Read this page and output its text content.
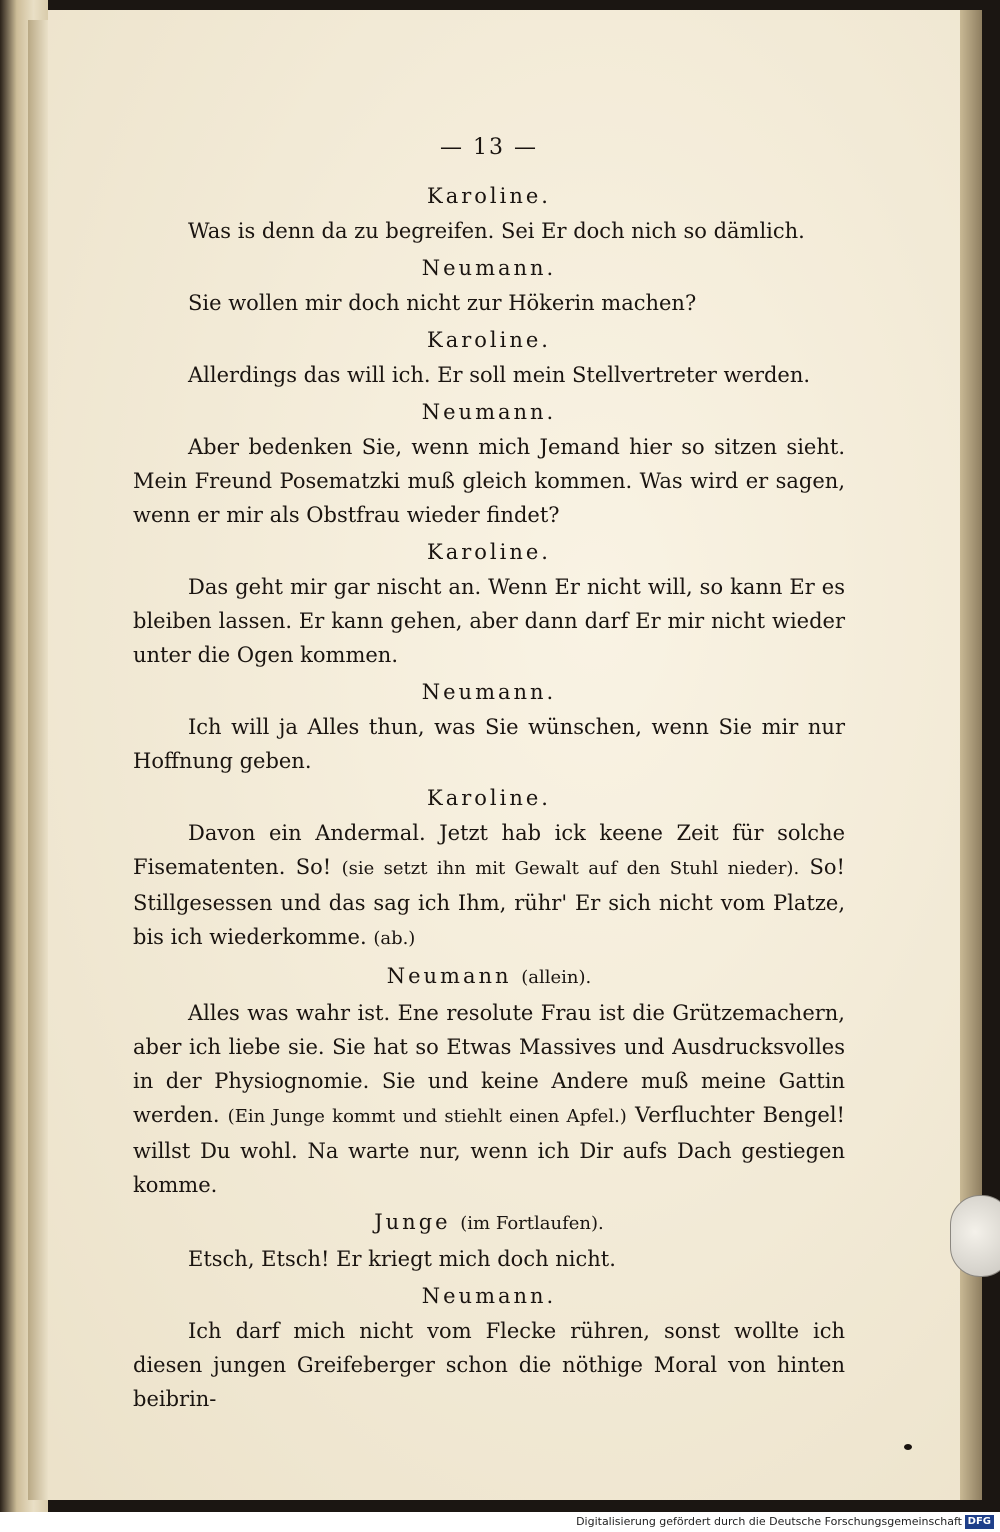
— 13 —
Karoline.

Was is denn da zu begreifen. Sei Er doch nich so dämlich.

Neumann.

Sie wollen mir doch nicht zur Hökerin machen?

Karoline.

Allerdings das will ich. Er soll mein Stellvertreter werden.

Neumann.

Aber bedenken Sie, wenn mich Jemand hier so sitzen sieht. Mein Freund Posematzki muß gleich kommen. Was wird er sagen, wenn er mir als Obstfrau wieder findet?

Karoline.

Das geht mir gar nischt an. Wenn Er nicht will, so kann Er es bleiben lassen. Er kann gehen, aber dann darf Er mir nicht wieder unter die Ogen kommen.

Neumann.

Ich will ja Alles thun, was Sie wünschen, wenn Sie mir nur Hoffnung geben.

Karoline.

Davon ein Andermal. Jetzt hab ick keene Zeit für solche Fisematenten. So! (sie setzt ihn mit Gewalt auf den Stuhl nieder). So! Stillgesessen und das sag ich Ihm, rühr' Er sich nicht vom Platze, bis ich wiederkomme. (ab.)

Neumann (allein).

Alles was wahr ist. Ene resolute Frau ist die Grützemachern, aber ich liebe sie. Sie hat so Etwas Massives und Ausdrucksvolles in der Physiognomie. Sie und keine Andere muß meine Gattin werden. (Ein Junge kommt und stiehlt einen Apfel.) Verfluchter Bengel! willst Du wohl. Na warte nur, wenn ich Dir aufs Dach gestiegen komme.

Junge (im Fortlaufen).

Etsch, Etsch! Er kriegt mich doch nicht.

Neumann.

Ich darf mich nicht vom Flecke rühren, sonst wollte ich diesen jungen Greifeberger schon die nöthige Moral von hinten beibrin-

Digitalisierung gefördert durch die Deutsche Forschungsgemeinschaft DFG
